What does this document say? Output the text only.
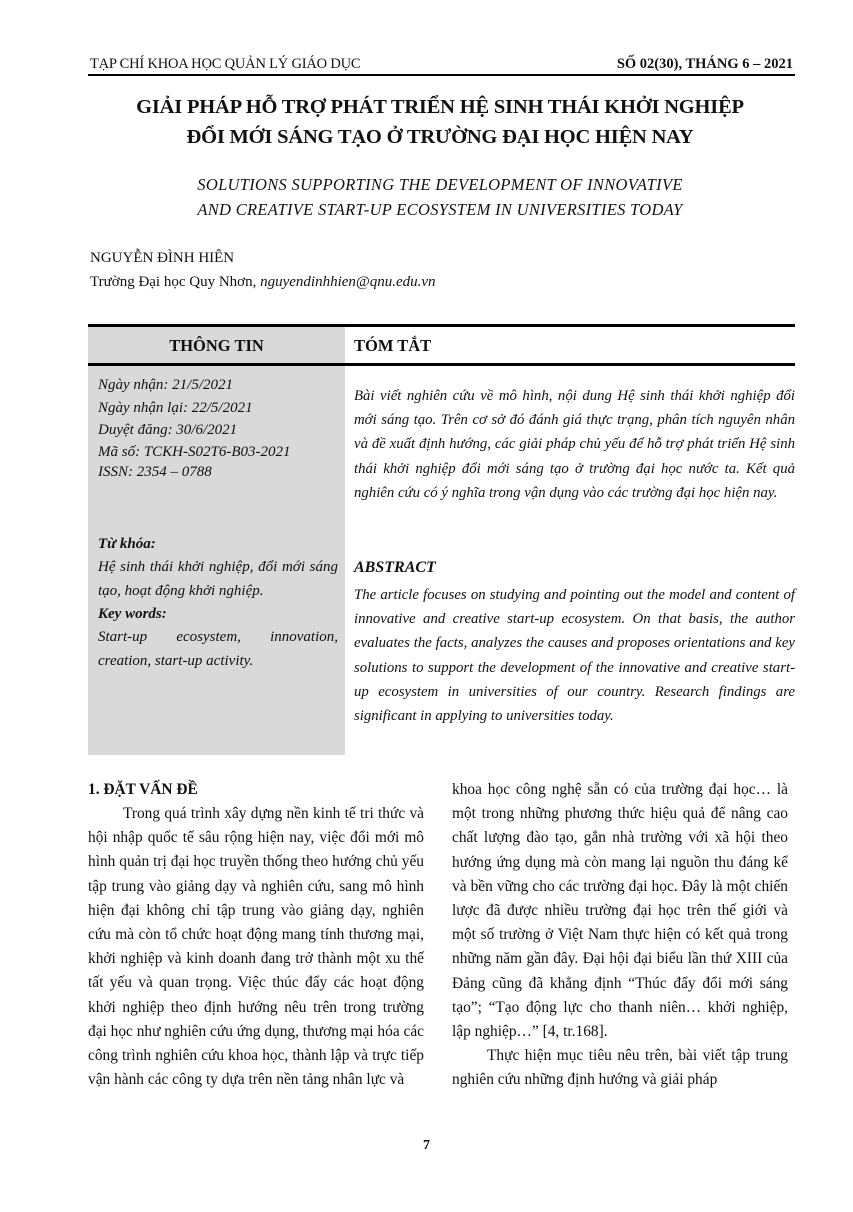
TẠP CHÍ KHOA HỌC QUẢN LÝ GIÁO DỤC	SỐ 02(30), THÁNG 6 – 2021
GIẢI PHÁP HỖ TRỢ PHÁT TRIỂN HỆ SINH THÁI KHỞI NGHIỆP
ĐỔI MỚI SÁNG TẠO Ở TRƯỜNG ĐẠI HỌC HIỆN NAY
SOLUTIONS SUPPORTING THE DEVELOPMENT OF INNOVATIVE
AND CREATIVE START-UP ECOSYSTEM IN UNIVERSITIES TODAY
NGUYỄN ĐÌNH HIÊN
Trường Đại học Quy Nhơn, nguyendinhhien@qnu.edu.vn
THÔNG TIN	TÓM TẮT
Ngày nhận: 21/5/2021
Ngày nhận lại: 22/5/2021
Duyệt đăng: 30/6/2021
Mã số: TCKH-S02T6-B03-2021
ISSN: 2354 – 0788
Từ khóa:
Hệ sinh thái khởi nghiệp, đổi mới sáng tạo, hoạt động khởi nghiệp.
Key words:
Start-up ecosystem, innovation, creation, start-up activity.
Bài viết nghiên cứu về mô hình, nội dung Hệ sinh thái khởi nghiệp đổi mới sáng tạo. Trên cơ sở đó đánh giá thực trạng, phân tích nguyên nhân và đề xuất định hướng, các giải pháp chủ yếu để hỗ trợ phát triển Hệ sinh thái khởi nghiệp đổi mới sáng tạo ở trường đại học nước ta. Kết quả nghiên cứu có ý nghĩa trong vận dụng vào các trường đại học hiện nay.
ABSTRACT
The article focuses on studying and pointing out the model and content of innovative and creative start-up ecosystem. On that basis, the author evaluates the facts, analyzes the causes and proposes orientations and key solutions to support the development of the innovative and creative start-up ecosystem in universities of our country. Research findings are significant in applying to universities today.
1. ĐẶT VẤN ĐỀ
Trong quá trình xây dựng nền kinh tế tri thức và hội nhập quốc tế sâu rộng hiện nay, việc đổi mới mô hình quản trị đại học truyền thống theo hướng chủ yếu tập trung vào giảng dạy và nghiên cứu, sang mô hình hiện đại không chỉ tập trung vào giảng dạy, nghiên cứu mà còn tổ chức hoạt động mang tính thương mại, khởi nghiệp và kinh doanh đang trở thành một xu thế tất yếu và quan trọng. Việc thúc đẩy các hoạt động khởi nghiệp theo định hướng nêu trên trong trường đại học như nghiên cứu ứng dụng, thương mại hóa các công trình nghiên cứu khoa học, thành lập và trực tiếp vận hành các công ty dựa trên nền tảng nhân lực và
khoa học công nghệ sẵn có của trường đại học… là một trong những phương thức hiệu quả để nâng cao chất lượng đào tạo, gắn nhà trường với xã hội theo hướng ứng dụng mà còn mang lại nguồn thu đáng kể và bền vững cho các trường đại học. Đây là một chiến lược đã được nhiều trường đại học trên thế giới và một số trường ở Việt Nam thực hiện có kết quả trong những năm gần đây. Đại hội đại biểu lần thứ XIII của Đảng cũng đã khẳng định “Thúc đẩy đổi mới sáng tạo”; “Tạo động lực cho thanh niên… khởi nghiệp, lập nghiệp…” [4, tr.168].
Thực hiện mục tiêu nêu trên, bài viết tập trung nghiên cứu những định hướng và giải pháp
7
